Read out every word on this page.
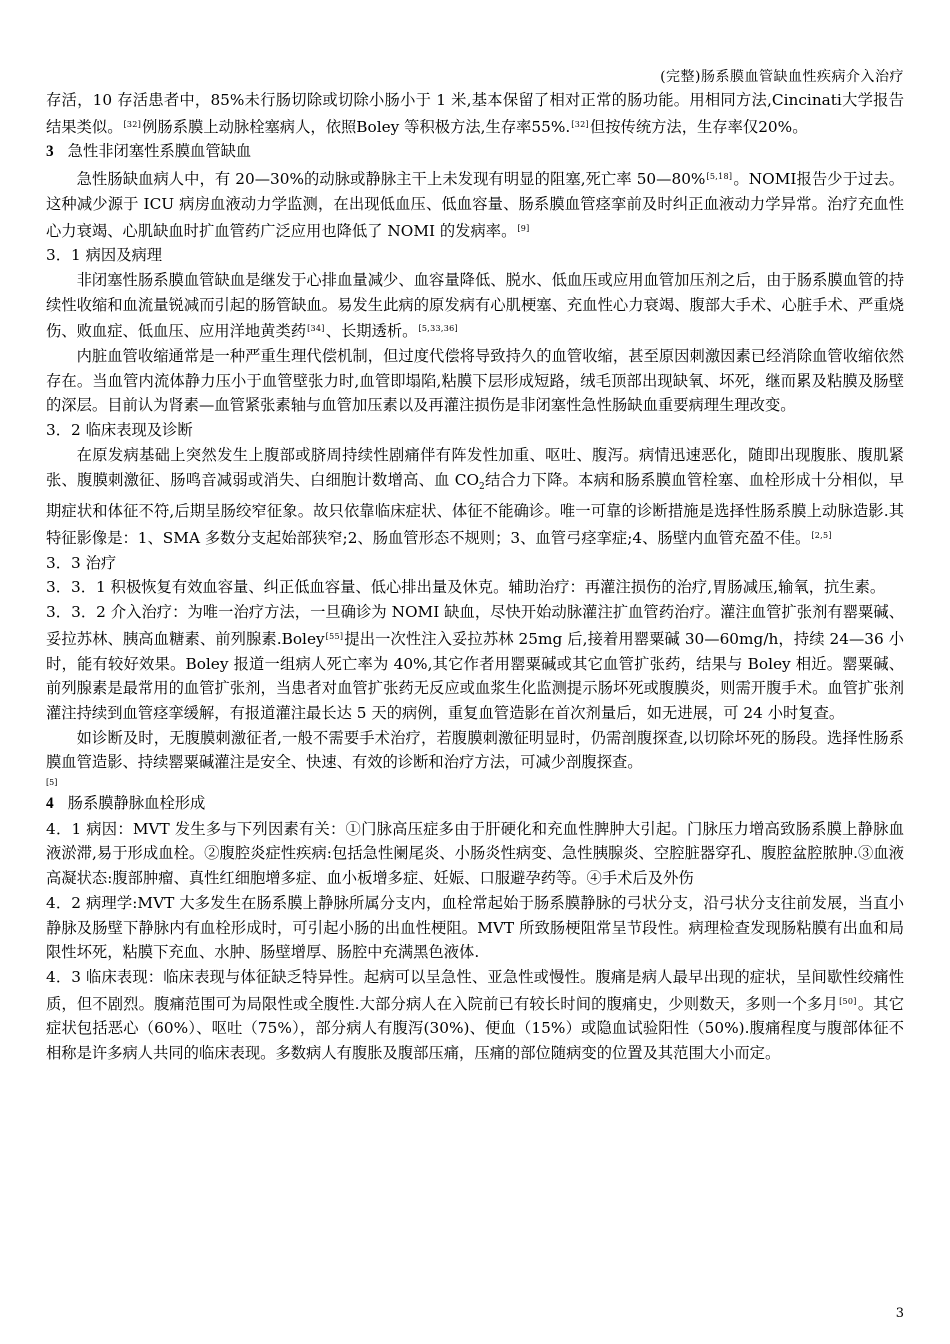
(完整)肠系膜血管缺血性疾病介入治疗

存活，10 存活患者中，85%未行肠切除或切除小肠小于 1 米,基本保留了相对正常的肠功能。用相同方法,Cincinati大学报告结果类似。[32]例肠系膜上动脉栓塞病人，依照Boley 等积极方法,生存率55%.[32]但按传统方法，生存率仅20%。

3 急性非闭塞性系膜血管缺血

急性肠缺血病人中，有 20—30%的动脉或静脉主干上未发现有明显的阻塞,死亡率 50—80%[5,18]。NOMI报告少于过去。这种减少源于 ICU 病房血液动力学监测，在出现低血压、低血容量、肠系膜血管痉挛前及时纠正血液动力学异常。治疗充血性心力衰竭、心肌缺血时扩血管药广泛应用也降低了 NOMI 的发病率。[9]

3．1 病因及病理

非闭塞性肠系膜血管缺血是继发于心排血量减少、血容量降低、脱水、低血压或应用血管加压剂之后，由于肠系膜血管的持续性收缩和血流量锐减而引起的肠管缺血。易发生此病的原发病有心肌梗塞、充血性心力衰竭、腹部大手术、心脏手术、严重烧伤、败血症、低血压、应用洋地黄类药[34]、长期透析。[5,33,36]

内脏血管收缩通常是一种严重生理代偿机制，但过度代偿将导致持久的血管收缩，甚至原因刺激因素已经消除血管收缩依然存在。当血管内流体静力压小于血管壁张力时,血管即塌陷,粘膜下层形成短路，绒毛顶部出现缺氧、坏死，继而累及粘膜及肠壁的深层。目前认为肾素—血管紧张素轴与血管加压素以及再灌注损伤是非闭塞性急性肠缺血重要病理生理改变。

3．2 临床表现及诊断

在原发病基础上突然发生上腹部或脐周持续性剧痛伴有阵发性加重、呕吐、腹泻。病情迅速恶化，随即出现腹胀、腹肌紧张、腹膜刺激征、肠鸣音减弱或消失、白细胞计数增高、血 $CO_2$结合力下降。本病和肠系膜血管栓塞、血栓形成十分相似，早期症状和体征不符,后期呈肠绞窄征象。故只依靠临床症状、体征不能确诊。唯一可靠的诊断措施是选择性肠系膜上动脉造影.其特征影像是：1、SMA 多数分支起始部狭窄;2、肠血管形态不规则；3、血管弓痉挛症;4、肠壁内血管充盈不佳。[2,5]

3．3 治疗

3．3．1 积极恢复有效血容量、纠正低血容量、低心排出量及休克。辅助治疗：再灌注损伤的治疗,胃肠减压,输氧，抗生素。

3．3．2 介入治疗：为唯一治疗方法，一旦确诊为 NOMI 缺血，尽快开始动脉灌注扩血管药治疗。灌注血管扩张剂有罂粟碱、妥拉苏林、胰高血糖素、前列腺素.Boley[55]提出一次性注入妥拉苏林 25mg 后,接着用罂粟碱 30—60mg/h，持续 24—36 小时，能有较好效果。Boley 报道一组病人死亡率为 40%,其它作者用罂粟碱或其它血管扩张药，结果与 Boley 相近。罂粟碱、前列腺素是最常用的血管扩张剂，当患者对血管扩张药无反应或血浆生化监测提示肠坏死或腹膜炎，则需开腹手术。血管扩张剂灌注持续到血管痉挛缓解，有报道灌注最长达 5 天的病例，重复血管造影在首次剂量后，如无进展，可 24 小时复查。

如诊断及时，无腹膜刺激征者,一般不需要手术治疗，若腹膜刺激征明显时，仍需剖腹探查,以切除坏死的肠段。选择性肠系膜血管造影、持续罂粟碱灌注是安全、快速、有效的诊断和治疗方法，可减少剖腹探查。

[5]

4 肠系膜静脉血栓形成

4．1 病因：MVT 发生多与下列因素有关：①门脉高压症多由于肝硬化和充血性脾肿大引起。门脉压力增高致肠系膜上静脉血液淤滞,易于形成血栓。②腹腔炎症性疾病:包括急性阑尾炎、小肠炎性病变、急性胰腺炎、空腔脏器穿孔、腹腔盆腔脓肿.③血液高凝状态:腹部肿瘤、真性红细胞增多症、血小板增多症、妊娠、口服避孕药等。④手术后及外伤

4．2 病理学:MVT 大多发生在肠系膜上静脉所属分支内，血栓常起始于肠系膜静脉的弓状分支，沿弓状分支往前发展，当直小静脉及肠壁下静脉内有血栓形成时，可引起小肠的出血性梗阻。MVT 所致肠梗阻常呈节段性。病理检查发现肠粘膜有出血和局限性坏死，粘膜下充血、水肿、肠壁增厚、肠腔中充满黑色液体.

4．3 临床表现：临床表现与体征缺乏特异性。起病可以呈急性、亚急性或慢性。腹痛是病人最早出现的症状，呈间歇性绞痛性质，但不剧烈。腹痛范围可为局限性或全腹性.大部分病人在入院前已有较长时间的腹痛史，少则数天，多则一个多月[50]。其它症状包括恶心（60%）、呕吐（75%），部分病人有腹泻(30%)、便血（15%）或隐血试验阳性（50%).腹痛程度与腹部体征不相称是许多病人共同的临床表现。多数病人有腹胀及腹部压痛，压痛的部位随病变的位置及其范围大小而定。

3
